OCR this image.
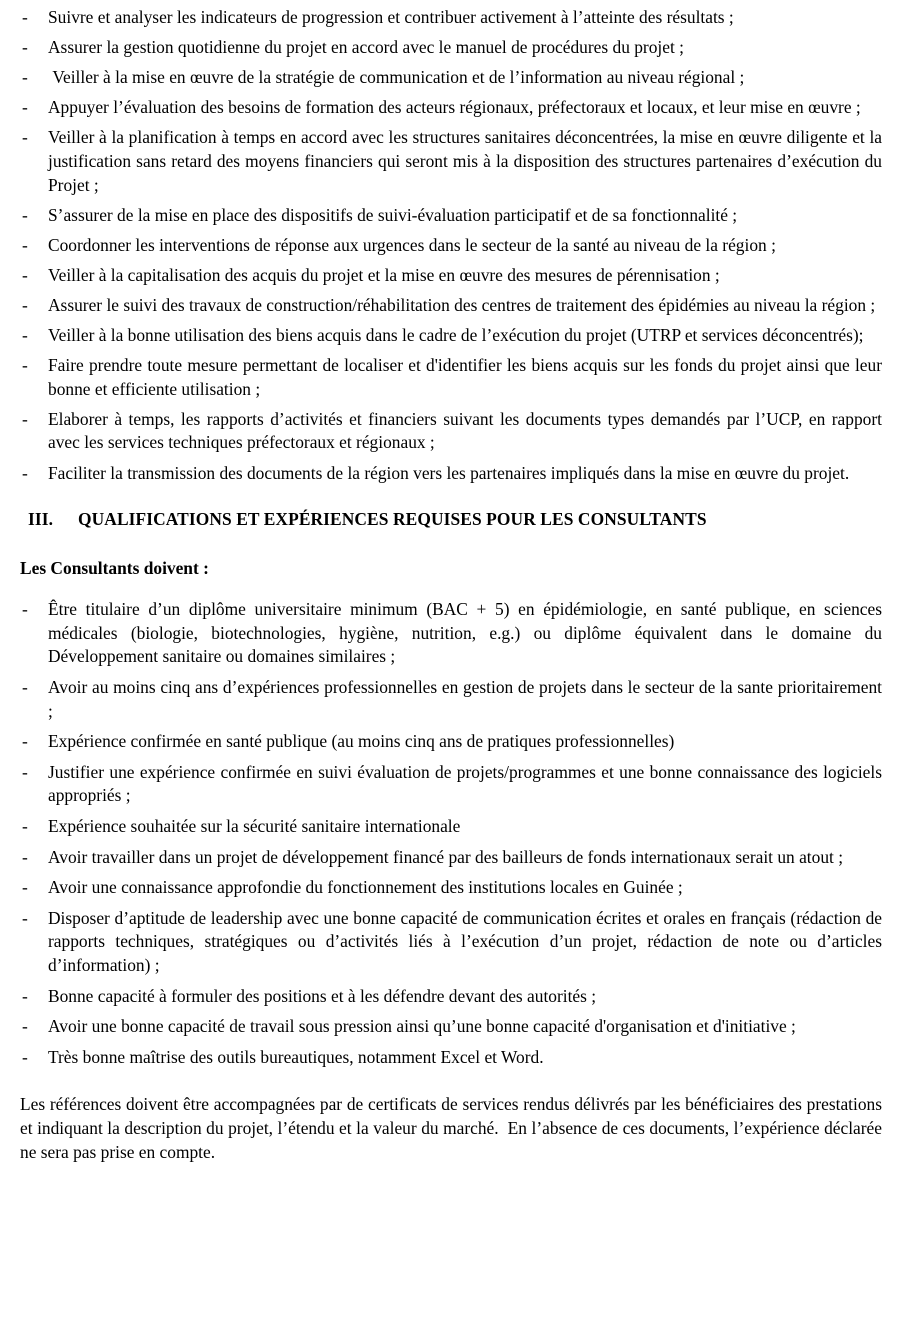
- Suivre et analyser les indicateurs de progression et contribuer activement à l’atteinte des résultats ;
- Assurer la gestion quotidienne du projet en accord avec le manuel de procédures du projet ;
-  Veiller à la mise en œuvre de la stratégie de communication et de l’information au niveau régional ;
- Appuyer l’évaluation des besoins de formation des acteurs régionaux, préfectoraux et locaux, et leur mise en œuvre ;
- Veiller à la planification à temps en accord avec les structures sanitaires déconcentrées, la mise en œuvre diligente et la justification sans retard des moyens financiers qui seront mis à la disposition des structures partenaires d’exécution du Projet ;
- S’assurer de la mise en place des dispositifs de suivi-évaluation participatif et de sa fonctionnalité ;
- Coordonner les interventions de réponse aux urgences dans le secteur de la santé au niveau de la région ;
- Veiller à la capitalisation des acquis du projet et la mise en œuvre des mesures de pérennisation ;
- Assurer le suivi des travaux de construction/réhabilitation des centres de traitement des épidémies au niveau la région ;
- Veiller à la bonne utilisation des biens acquis dans le cadre de l’exécution du projet (UTRP et services déconcentrés);
- Faire prendre toute mesure permettant de localiser et d'identifier les biens acquis sur les fonds du projet ainsi que leur bonne et efficiente utilisation ;
- Elaborer à temps, les rapports d’activités et financiers suivant les documents types demandés par l’UCP, en rapport avec les services techniques préfectoraux et régionaux ;
- Faciliter la transmission des documents de la région vers les partenaires impliqués dans la mise en œuvre du projet.
III.	QUALIFICATIONS ET EXPÉRIENCES REQUISES POUR LES CONSULTANTS

Les Consultants doivent :

- Être titulaire d’un diplôme universitaire minimum (BAC + 5) en épidémiologie, en santé publique, en sciences médicales (biologie, biotechnologies, hygiène, nutrition, e.g.) ou diplôme équivalent dans le domaine du Développement sanitaire ou domaines similaires ;
- Avoir au moins cinq ans d’expériences professionnelles en gestion de projets dans le secteur de la sante prioritairement ;
- Expérience confirmée en santé publique (au moins cinq ans de pratiques professionnelles)
- Justifier une expérience confirmée en suivi évaluation de projets/programmes et une bonne connaissance des logiciels appropriés ;
- Expérience souhaitée sur la sécurité sanitaire internationale
- Avoir travailler dans un projet de développement financé par des bailleurs de fonds internationaux serait un atout ;
- Avoir une connaissance approfondie du fonctionnement des institutions locales en Guinée ;
- Disposer d’aptitude de leadership avec une bonne capacité de communication écrites et orales en français (rédaction de rapports techniques, stratégiques ou d’activités liés à l’exécution d’un projet, rédaction de note ou d’articles d’information) ;
- Bonne capacité à formuler des positions et à les défendre devant des autorités ;
- Avoir une bonne capacité de travail sous pression ainsi qu’une bonne capacité d'organisation et d'initiative ;
- Très bonne maîtrise des outils bureautiques, notamment Excel et Word.

Les références doivent être accompagnées par de certificats de services rendus délivrés par les bénéficiaires des prestations et indiquant la description du projet, l’étendu et la valeur du marché.  En l’absence de ces documents, l’expérience déclarée ne sera pas prise en compte.
